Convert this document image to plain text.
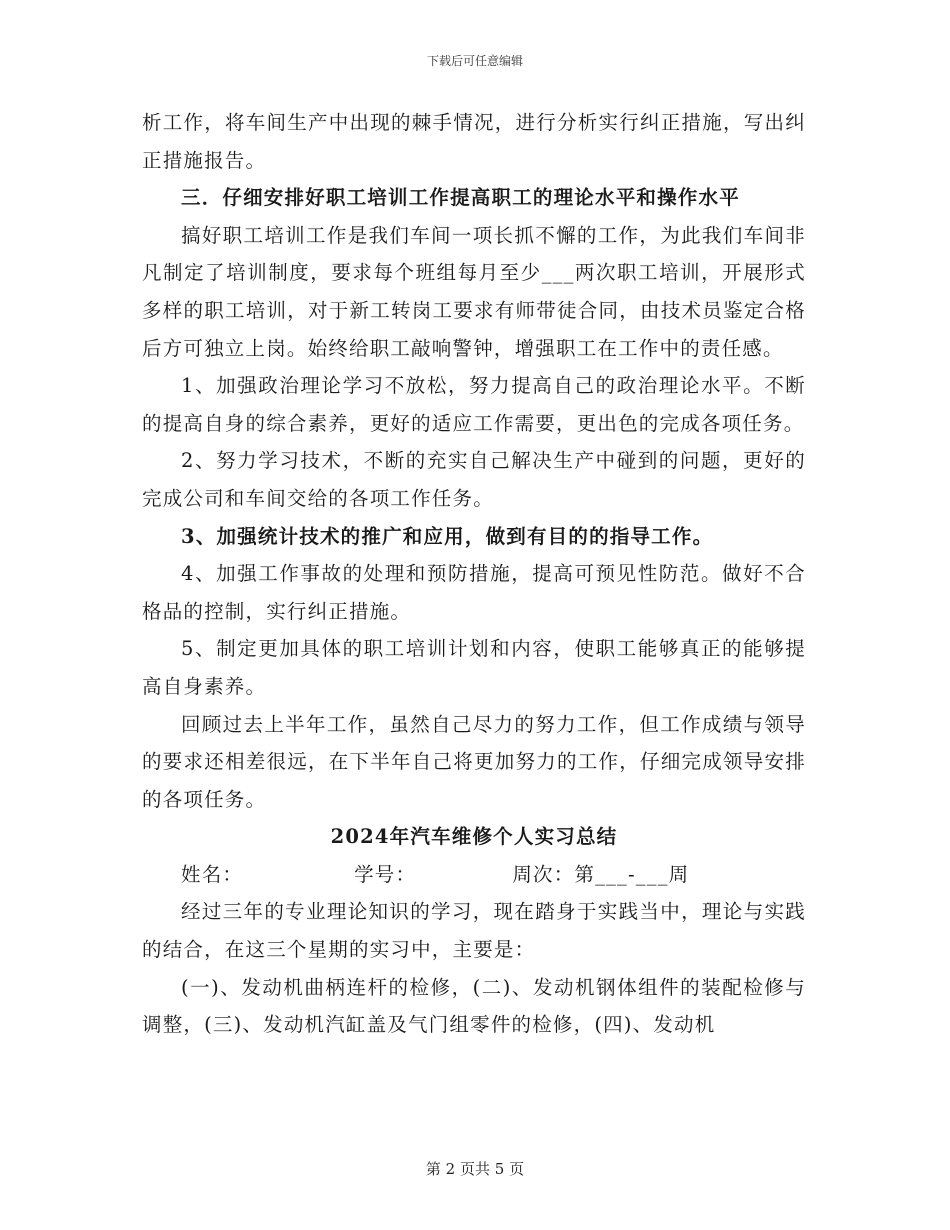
下载后可任意编辑

析工作，将车间生产中出现的棘手情况，进行分析实行纠正措施，写出纠正措施报告。

三．仔细安排好职工培训工作提高职工的理论水平和操作水平

搞好职工培训工作是我们车间一项长抓不懈的工作，为此我们车间非凡制定了培训制度，要求每个班组每月至少___两次职工培训，开展形式多样的职工培训，对于新工转岗工要求有师带徒合同，由技术员鉴定合格后方可独立上岗。始终给职工敲响警钟，增强职工在工作中的责任感。

1、加强政治理论学习不放松，努力提高自己的政治理论水平。不断的提高自身的综合素养，更好的适应工作需要，更出色的完成各项任务。

2、努力学习技术，不断的充实自己解决生产中碰到的问题，更好的完成公司和车间交给的各项工作任务。

3、加强统计技术的推广和应用，做到有目的的指导工作。

4、加强工作事故的处理和预防措施，提高可预见性防范。做好不合格品的控制，实行纠正措施。

5、制定更加具体的职工培训计划和内容，使职工能够真正的能够提高自身素养。

回顾过去上半年工作，虽然自己尽力的努力工作，但工作成绩与领导的要求还相差很远，在下半年自己将更加努力的工作，仔细完成领导安排的各项任务。

2024年汽车维修个人实习总结

姓名：               学号：             周次：第___-___周

经过三年的专业理论知识的学习，现在踏身于实践当中，理论与实践的结合，在这三个星期的实习中，主要是：

(一)、发动机曲柄连杆的检修，(二)、发动机钢体组件的装配检修与调整，(三)、发动机汽缸盖及气门组零件的检修，(四)、发动机

第 2 页共 5 页
